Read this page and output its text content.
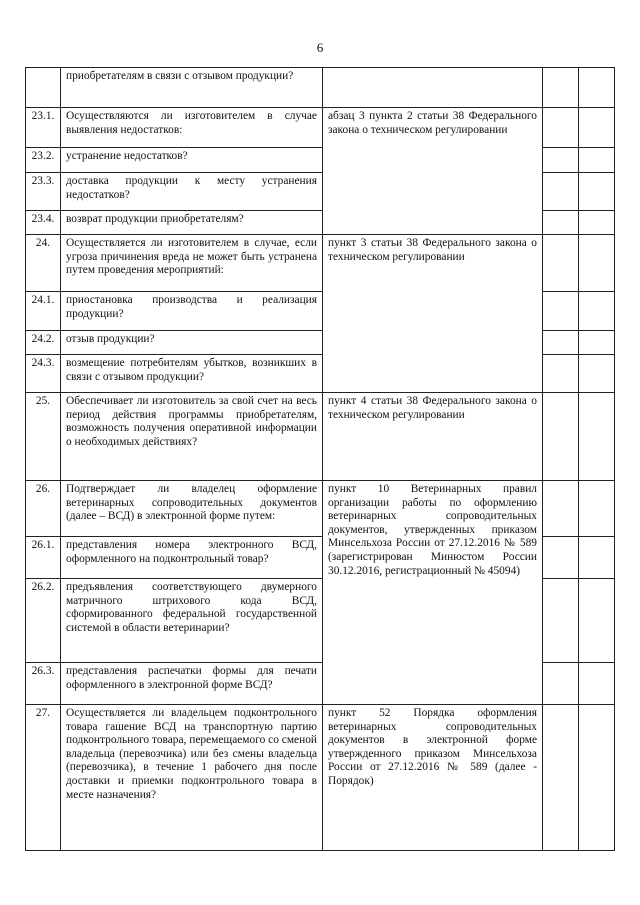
6
	приобретателям в связи с отзывом продукции?			
23.1.	Осуществляются ли изготовителем в случае выявления недостатков:	абзац 3 пункта 2 статьи 38 Федерального закона о техническом регулировании		
23.2.	устранение недостатков?			
23.3.	доставка продукции к месту устранения недостатков?			
23.4.	возврат продукции приобретателям?			
24.	Осуществляется ли изготовителем в случае, если угроза причинения вреда не может быть устранена путем проведения мероприятий:	пункт 3 статьи 38 Федерального закона о техническом регулировании		
24.1.	приостановка производства и реализация продукции?			
24.2.	отзыв продукции?			
24.3.	возмещение потребителям убытков, возникших в связи с отзывом продукции?			
25.	Обеспечивает ли изготовитель за свой счет на весь период действия программы приобретателям, возможность получения оперативной информации о необходимых действиях?	пункт 4 статьи 38 Федерального закона о техническом регулировании		
26.	Подтверждает ли владелец оформление ветеринарных сопроводительных документов (далее – ВСД) в электронной форме путем:	пункт 10 Ветеринарных правил организации работы по оформлению ветеринарных сопроводительных документов, утвержденных приказом Минсельхоза России от 27.12.2016 № 589 (зарегистрирован Минюстом России 30.12.2016, регистрационный № 45094)		
26.1.	представления номера электронного ВСД, оформленного на подконтрольный товар?			
26.2.	предъявления соответствующего двумерного матричного штрихового кода ВСД, сформированного федеральной государственной системой в области ветеринарии?			
26.3.	представления распечатки формы для печати оформленного в электронной форме ВСД?			
27.	Осуществляется ли владельцем подконтрольного товара гашение ВСД на транспортную партию подконтрольного товара, перемещаемого со сменой владельца (перевозчика) или без смены владельца (перевозчика), в течение 1 рабочего дня после доставки и приемки подконтрольного товара в месте назначения?	пункт 52 Порядка оформления ветеринарных сопроводительных документов в электронной форме утвержденного приказом Минсельхоза России от 27.12.2016 № 589 (далее - Порядок)		
